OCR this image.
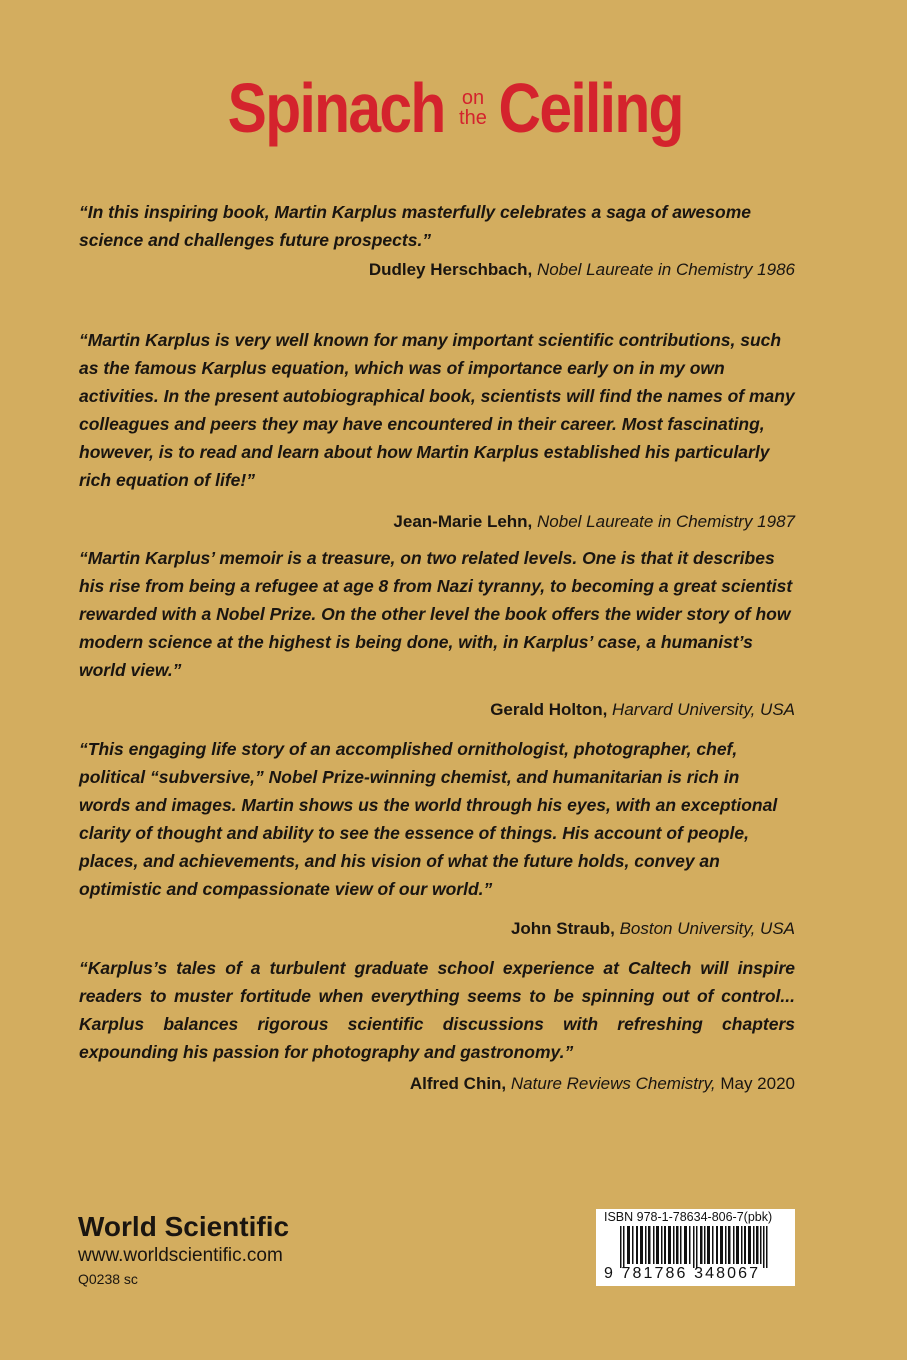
Spinach on
the Ceiling

“In this inspiring book, Martin Karplus masterfully celebrates a saga of awesome science and challenges future prospects.”

Dudley Herschbach, Nobel Laureate in Chemistry 1986

“Martin Karplus is very well known for many important scientific contributions, such as the famous Karplus equation, which was of importance early on in my own activities. In the present autobiographical book, scientists will find the names of many colleagues and peers they may have encountered in their career. Most fascinating, however, is to read and learn about how Martin Karplus established his particularly rich equation of life!”

Jean-Marie Lehn, Nobel Laureate in Chemistry 1987

“Martin Karplus’ memoir is a treasure, on two related levels. One is that it describes his rise from being a refugee at age 8 from Nazi tyranny, to becoming a great scientist rewarded with a Nobel Prize. On the other level the book offers the wider story of how modern science at the highest is being done, with, in Karplus’ case, a humanist’s world view.”

Gerald Holton, Harvard University, USA

“This engaging life story of an accomplished ornithologist, photographer, chef, political “subversive,” Nobel Prize-winning chemist, and humanitarian is rich in words and images. Martin shows us the world through his eyes, with an exceptional clarity of thought and ability to see the essence of things. His account of people, places, and achievements, and his vision of what the future holds, convey an optimistic and compassionate view of our world.”

John Straub, Boston University, USA

“Karplus’s tales of a turbulent graduate school experience at Caltech will inspire readers to muster fortitude when everything seems to be spinning out of control... Karplus balances rigorous scientific discussions with refreshing chapters expounding his passion for photography and gastronomy.”

Alfred Chin, Nature Reviews Chemistry, May 2020
World Scientific
www.worldscientific.com
Q0238 sc
ISBN 978-1-78634-806-7(pbk)
9 781786 348067
